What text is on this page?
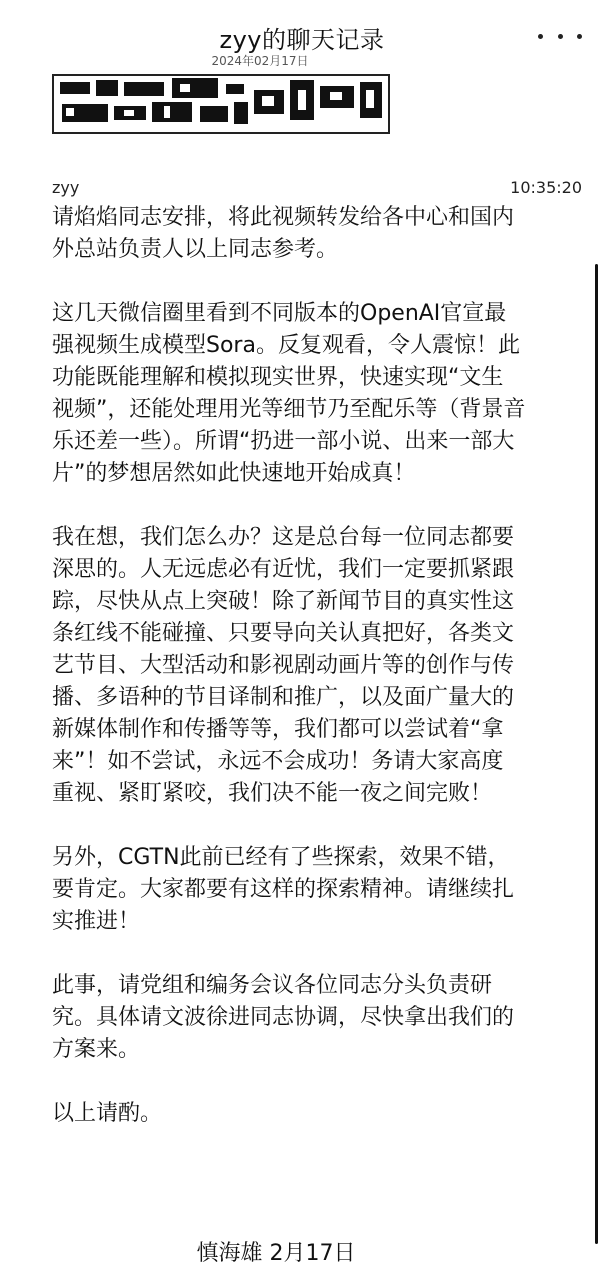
zyy的聊天记录
2024年02月17日
zyy	10:35:20

请焰焰同志安排，将此视频转发给各中心和国内
外总站负责人以上同志参考。

这几天微信圈里看到不同版本的OpenAI官宣最
强视频生成模型Sora。反复观看，令人震惊！此
功能既能理解和模拟现实世界，快速实现“文生
视频”，还能处理用光等细节乃至配乐等（背景音
乐还差一些）。所谓“扔进一部小说、出来一部大
片”的梦想居然如此快速地开始成真！

我在想，我们怎么办？这是总台每一位同志都要
深思的。人无远虑必有近忧，我们一定要抓紧跟
踪，尽快从点上突破！除了新闻节目的真实性这
条红线不能碰撞、只要导向关认真把好，各类文
艺节目、大型活动和影视剧动画片等的创作与传
播、多语种的节目译制和推广，以及面广量大的
新媒体制作和传播等等，我们都可以尝试着“拿
来”！如不尝试，永远不会成功！务请大家高度
重视、紧盯紧咬，我们决不能一夜之间完败！

另外，CGTN此前已经有了些探索，效果不错，
要肯定。大家都要有这样的探索精神。请继续扎
实推进！

此事，请党组和编务会议各位同志分头负责研
究。具体请文波徐进同志协调，尽快拿出我们的
方案来。

以上请酌。

慎海雄 2月17日
